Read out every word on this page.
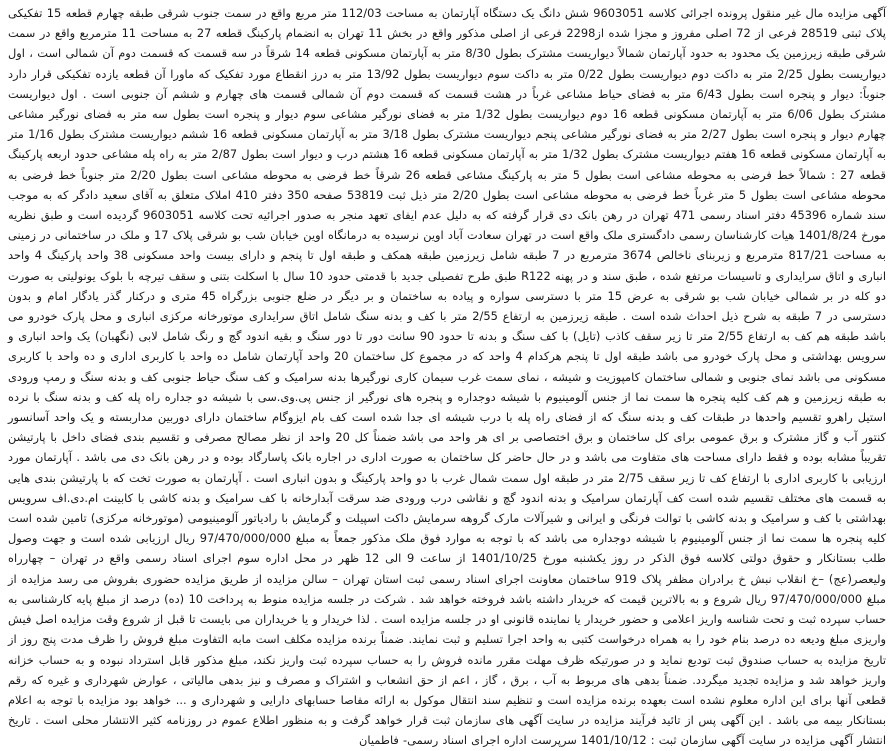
آگهی مزایده مال غیر منقول پرونده اجرائی کلاسه 9603051 شش دانگ یک دستگاه آپارتمان به مساحت 112/03 متر مربع واقع در سمت جنوب شرقی طبقه چهارم قطعه 15 تفکیکی پلاک ثبتی 28519 فرعی از 72 اصلی مفروز و مجزا شده از2298 فرعی از اصلی مذکور واقع در بخش 11 تهران به انضمام پارکینگ قطعه 27 به مساحت 11 مترمربع واقع در سمت شرقی طبقه زیرزمین یک محدود به حدود آپارتمان شمالاً دیواریست مشترک بطول 8/30 متر به آپارتمان مسکونی قطعه 14 شرقاً در سه قسمت که قسمت دوم آن شمالی است ، اول دیواریست بطول 2/25 متر به داکت دوم دیواریست بطول 0/22 متر به داکت سوم دیواریست بطول 13/92 متر به درز انقطاع مورد تفکیک که ماورا آن قطعه یازده تفکیکی قرار دارد جنوباً: دیوار و پنجره است بطول 6/43 متر به فضای حیاط مشاعی غرباً در هشت قسمت که قسمت دوم آن شمالی قسمت های چهارم و ششم آن جنوبی است . اول دیواریست مشترک بطول 6/06 متر به آپارتمان مسکونی قطعه 16 دوم دیواریست بطول 1/32 متر به فضای نورگیر مشاعی سوم دیوار و پنجره است بطول سه متر به فضای نورگیر مشاعی چهارم دیوار و پنجره است بطول 2/27 متر به فضای نورگیر مشاعی پنجم دیواریست مشترک بطول 3/18 متر به آپارتمان مسکونی قطعه 16 ششم دیواریست مشترک بطول 1/16 متر به آپارتمان مسکونی قطعه 16 هفتم دیواریست مشترک بطول 1/32 متر به آپارتمان مسکونی قطعه 16 هشتم درب و دیوار است بطول 2/87 متر به راه پله مشاعی حدود اربعه پارکینگ قطعه 27 : شمالاً خط فرضی به محوطه مشاعی است بطول 5 متر به پارکینگ مشاعی قطعه 26 شرقاً خط فرضی به محوطه مشاعی است بطول 2/20 متر جنوباً خط فرضی به محوطه مشاعی است بطول 5 متر غرباً خط فرضی به محوطه مشاعی است بطول 2/20 متر ذیل ثبت 53819 صفحه 350 دفتر 410 املاک متعلق به آقای سعید دادگر که به موجب سند شماره 45396 دفتر اسناد رسمی 471 تهران در رهن بانک دی قرار گرفته که به دلیل عدم ایفای تعهد منجر به صدور اجرائیه تحت کلاسه 9603051 گردیده است و طبق نظریه مورخ 1401/8/24 هیات کارشناسان رسمی دادگستری ملک واقع است در تهران سعادت آباد اوین نرسیده به درمانگاه اوین خیابان شب بو شرقی پلاک 17 و ملک در ساختمانی در زمینی به مساحت 817/21 مترمربع و زیربنای ناخالص 3674 مترمربع در 7 طبقه شامل زیرزمین طبقه همکف و طبقه اول تا پنجم و دارای بیست واحد مسکونی 38 واحد پارکینگ 4 واحد انباری و اتاق سرایداری و تاسیسات مرتفع شده ، طبق سند و در پهنه R122 طبق طرح تفصیلی جدید با قدمتی حدود 10 سال با اسکلت بتنی و سقف تیرچه با بلوک یونولیتی به صورت دو کله در بر شمالی خیابان شب بو شرقی به عرض 15 متر با دسترسی سواره و پیاده به ساختمان و بر دیگر در ضلع جنوبی بزرگراه 45 متری و درکنار گذر یادگار امام و بدون دسترسی در 7 طبقه به شرح ذیل احداث شده است . طبقه زیرزمین به ارتفاع 2/55 متر با کف و بدنه سنگ شامل اتاق سرایداری موتورخانه مرکزی انباری و محل پارک خودرو می باشد طبقه هم کف به ارتفاع 2/55 متر تا زیر سقف کاذب (تایل) با کف سنگ و بدنه تا حدود 90 سانت دور تا دور سنگ و بقیه اندود گچ و رنگ شامل لابی (نگهبان) یک واحد انباری و سرویس بهداشتی و محل پارک خودرو می باشد طبقه اول تا پنجم هرکدام 4 واحد که در مجموع کل ساختمان 20 واحد آپارتمان شامل ده واحد با کاربری اداری و ده واحد با کاربری مسکونی می باشد نمای جنوبی و شمالی ساختمان کامپوزیت و شیشه ، نمای سمت غرب سیمان کاری نورگیرها بدنه سرامیک و کف سنگ حیاط جنوبی کف و بدنه سنگ و رمپ ورودی به طبقه زیرزمین و هم کف کلیه پنجره ها سمت نما از جنس آلومینیوم با شیشه دوجداره و پنجره های نورگیر از جنس پی.وی.سی با شیشه دو جداره راه پله کف و بدنه سنگ با نرده استیل راهرو تقسیم واحدها در طبقات کف و بدنه سنگ که از فضای راه پله با درب شیشه ای جدا شده است کف بام ایزوگام ساختمان دارای دوربین مداربسته و یک واحد آسانسور کنتور آب و گاز مشترک و برق عمومی برای کل ساختمان و برق اختصاصی بر ای هر واحد می باشد ضمناً کل 20 واحد از نظر مصالح مصرفی و تقسیم بندی فضای داخل با پارتیشن تقریباً مشابه بوده و فقط دارای مساحت های متفاوت می باشد و در حال حاضر کل ساختمان به صورت اداری در اجاره بانک پاسارگاد بوده و در رهن بانک دی می باشد . آپارتمان مورد ارزیابی با کاربری اداری با ارتفاع کف تا زیر سقف 2/75 متر در طبقه اول سمت شمال غرب با دو واحد پارکینگ و بدون انباری است . آپارتمان به صورت تخت که با پارتیشن بندی هایی به قسمت های مختلف تقسیم شده است کف آپارتمان سرامیک و بدنه اندود گچ و نقاشی درب ورودی ضد سرقت آبدارخانه با کف سرامیک و بدنه کاشی با کابینت ام.دی.اف سرویس بهداشتی با کف و سرامیک و بدنه کاشی با توالت فرنگی و ایرانی و شیرآلات مارک گروهه سرمایش داکت اسپیلت و گرمایش با رادیاتور آلومینیومی (موتورخانه مرکزی) تامین شده است کلیه پنجره ها سمت نما از جنس آلومینیوم با شیشه دوجداره می باشد که با توجه به موارد فوق ملک مذکور جمعاً به مبلغ 97/470/000/000 ریال ارزیابی شده است و جهت وصول طلب بستانکار و حقوق دولتی کلاسه فوق الذکر در روز یکشنبه مورخ 1401/10/25 از ساعت 9 الی 12 ظهر در محل اداره سوم اجرای اسناد رسمی واقع در تهران – چهارراه ولیعصر(عج) –خ انقلاب نبش خ برادران مظفر پلاک 919 ساختمان معاونت اجرای اسناد رسمی ثبت استان تهران – سالن مزایده از طریق مزایده حضوری بفروش می رسد مزایده از مبلغ 97/470/000/000 ریال شروع و به بالاترین قیمت که خریدار داشته باشد فروخته خواهد شد . شرکت در جلسه مزایده منوط به پرداخت 10 (ده) درصد از مبلغ پایه کارشناسی به حساب سپرده ثبت و تحت شناسه واریز اعلامی و حضور خریدار یا نماینده قانونی او در جلسه مزایده است . لذا خریدار و یا خریداران می بایست تا قبل از شروع وقت مزایده اصل فیش واریزی مبلغ ودیعه ده درصد بنام خود را به همراه درخواست کتبی به واحد اجرا تسلیم و ثبت نمایند. ضمناً برنده مزایده مکلف است مابه التفاوت مبلغ فروش را ظرف مدت پنج روز از تاریخ مزایده به حساب صندوق ثبت تودیع نماید و در صورتیکه ظرف مهلت مقرر مانده فروش را به حساب سپرده ثبت واریز نکند، مبلغ مذکور قابل استرداد نبوده و به حساب خزانه واریز خواهد شد و مزایده تجدید میگردد. ضمناً بدهی های مربوط به آب ، برق ، گاز ، اعم از حق انشعاب و اشتراک و مصرف و نیز بدهی مالیاتی ، عوارض شهرداری و غیره که رقم قطعی آنها برای این اداره معلوم نشده است بعهده برنده مزایده است و تنظیم سند انتقال موکول به ارائه مفاصا حسابهای دارایی و شهرداری و ... خواهد بود مزایده با توجه به اعلام بستانکار بیمه می باشد . این آگهی پس از تائید فرآیند مزایده در سایت آگهی های سازمان ثبت قرار خواهد گرفت و به منظور اطلاع عموم در روزنامه کثیر الانتشار محلی است . تاریخ انتشار آگهی مزایده در سایت آگهی سازمان ثبت : 1401/10/12 سرپرست اداره اجرای اسناد رسمی- فاطمیان
